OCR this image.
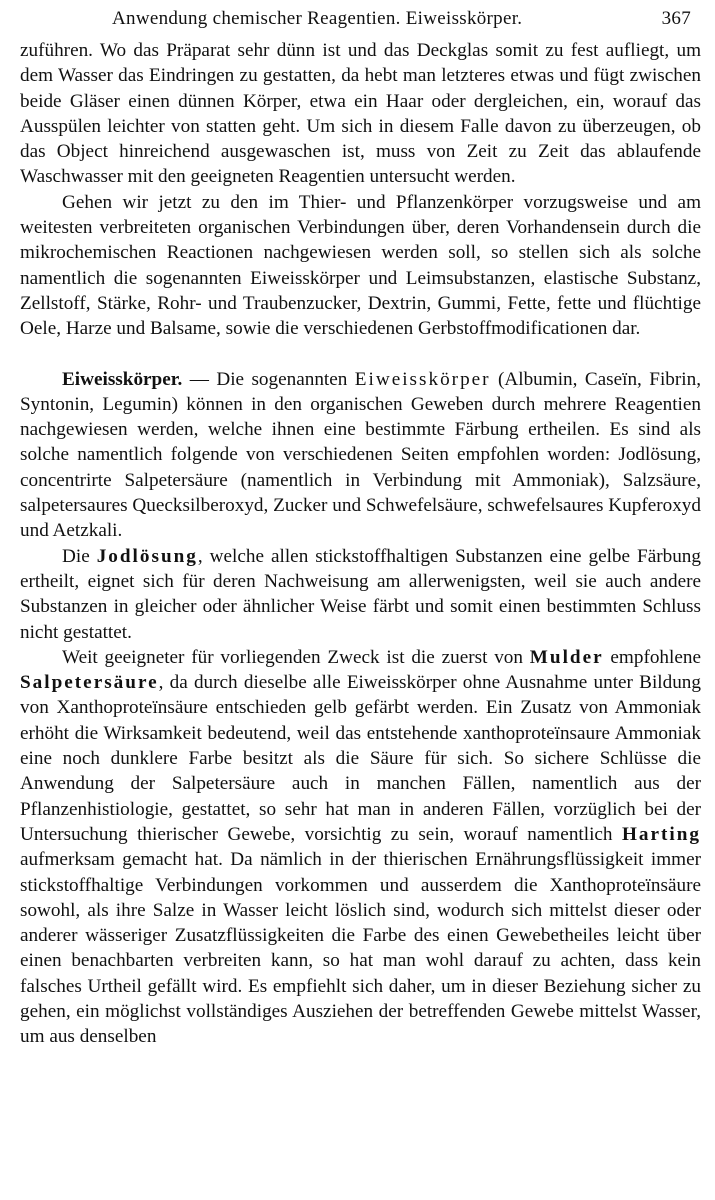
Anwendung chemischer Reagentien. Eiweisskörper.	367

zuführen. Wo das Präparat sehr dünn ist und das Deckglas somit zu fest aufliegt, um dem Wasser das Eindringen zu gestatten, da hebt man letzteres etwas und fügt zwischen beide Gläser einen dünnen Körper, etwa ein Haar oder dergleichen, ein, worauf das Ausspülen leichter von statten geht. Um sich in diesem Falle davon zu überzeugen, ob das Object hinreichend ausgewaschen ist, muss von Zeit zu Zeit das ablaufende Waschwasser mit den geeigneten Reagentien untersucht werden.

Gehen wir jetzt zu den im Thier- und Pflanzenkörper vorzugsweise und am weitesten verbreiteten organischen Verbindungen über, deren Vorhandensein durch die mikrochemischen Reactionen nachgewiesen werden soll, so stellen sich als solche namentlich die sogenannten Eiweisskörper und Leimsubstanzen, elastische Substanz, Zellstoff, Stärke, Rohr- und Traubenzucker, Dextrin, Gummi, Fette, fette und flüchtige Oele, Harze und Balsame, sowie die verschiedenen Gerbstoffmodificationen dar.

Eiweisskörper. — Die sogenannten Eiweisskörper (Albumin, Caseïn, Fibrin, Syntonin, Legumin) können in den organischen Geweben durch mehrere Reagentien nachgewiesen werden, welche ihnen eine bestimmte Färbung ertheilen. Es sind als solche namentlich folgende von verschiedenen Seiten empfohlen worden: Jodlösung, concentrirte Salpetersäure (namentlich in Verbindung mit Ammoniak), Salzsäure, salpetersaures Quecksilberoxyd, Zucker und Schwefelsäure, schwefelsaures Kupferoxyd und Aetzkali.

Die Jodlösung, welche allen stickstoffhaltigen Substanzen eine gelbe Färbung ertheilt, eignet sich für deren Nachweisung am allerwenigsten, weil sie auch andere Substanzen in gleicher oder ähnlicher Weise färbt und somit einen bestimmten Schluss nicht gestattet.

Weit geeigneter für vorliegenden Zweck ist die zuerst von Mulder empfohlene Salpetersäure, da durch dieselbe alle Eiweisskörper ohne Ausnahme unter Bildung von Xanthoproteïnsäure entschieden gelb gefärbt werden. Ein Zusatz von Ammoniak erhöht die Wirksamkeit bedeutend, weil das entstehende xanthoproteïnsaure Ammoniak eine noch dunklere Farbe besitzt als die Säure für sich. So sichere Schlüsse die Anwendung der Salpetersäure auch in manchen Fällen, namentlich aus der Pflanzenhistiologie, gestattet, so sehr hat man in anderen Fällen, vorzüglich bei der Untersuchung thierischer Gewebe, vorsichtig zu sein, worauf namentlich Harting aufmerksam gemacht hat. Da nämlich in der thierischen Ernährungsflüssigkeit immer stickstoffhaltige Verbindungen vorkommen und ausserdem die Xanthoproteïnsäure sowohl, als ihre Salze in Wasser leicht löslich sind, wodurch sich mittelst dieser oder anderer wässeriger Zusatzflüssigkeiten die Farbe des einen Gewebetheiles leicht über einen benachbarten verbreiten kann, so hat man wohl darauf zu achten, dass kein falsches Urtheil gefällt wird. Es empfiehlt sich daher, um in dieser Beziehung sicher zu gehen, ein möglichst vollständiges Ausziehen der betreffenden Gewebe mittelst Wasser, um aus denselben
